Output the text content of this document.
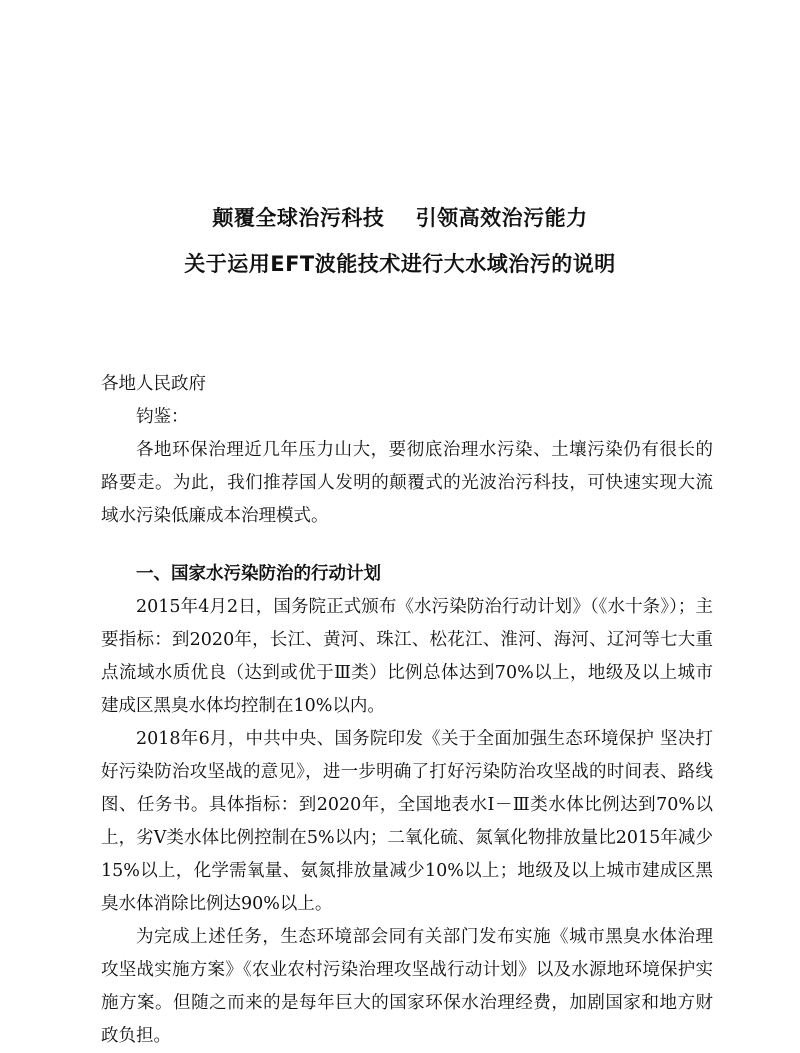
颠覆全球治污科技    引领高效治污能力
关于运用EFT波能技术进行大水域治污的说明

各地人民政府

钧鉴：

各地环保治理近几年压力山大，要彻底治理水污染、土壤污染仍有很长的路要走。为此，我们推荐国人发明的颠覆式的光波治污科技，可快速实现大流域水污染低廉成本治理模式。

一、国家水污染防治的行动计划

2015年4月2日，国务院正式颁布《水污染防治行动计划》（《水十条》）；主要指标：到2020年，长江、黄河、珠江、松花江、淮河、海河、辽河等七大重点流域水质优良（达到或优于Ⅲ类）比例总体达到70%以上，地级及以上城市建成区黑臭水体均控制在10%以内。

2018年6月，中共中央、国务院印发《关于全面加强生态环境保护 坚决打好污染防治攻坚战的意见》，进一步明确了打好污染防治攻坚战的时间表、路线图、任务书。具体指标：到2020年，全国地表水Ⅰ－Ⅲ类水体比例达到70%以上，劣Ⅴ类水体比例控制在5%以内；二氧化硫、氮氧化物排放量比2015年减少15%以上，化学需氧量、氨氮排放量减少10%以上；地级及以上城市建成区黑臭水体消除比例达90%以上。

为完成上述任务，生态环境部会同有关部门发布实施《城市黑臭水体治理攻坚战实施方案》《农业农村污染治理攻坚战行动计划》以及水源地环境保护实施方案。但随之而来的是每年巨大的国家环保水治理经费，加剧国家和地方财政负担。
